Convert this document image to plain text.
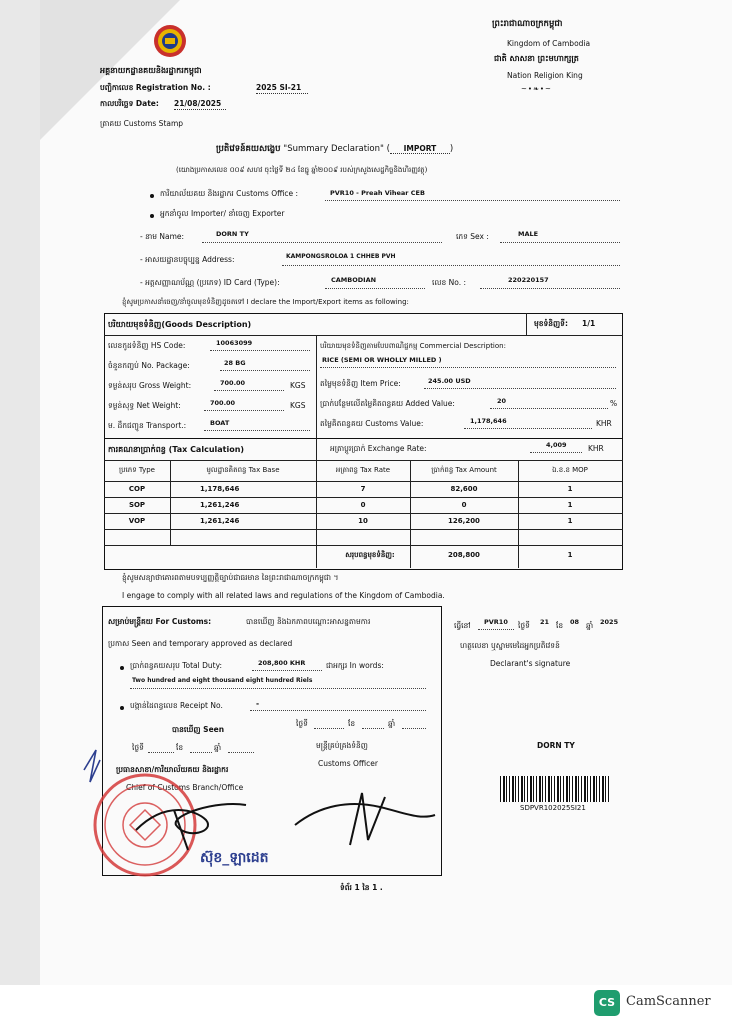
អគ្គនាយកដ្ឋានគយនិងរដ្ឋាករកម្ពុជា
បញ្ជិកាលេខ Registration No. :	2025 SI-21
កាលបរិច្ឆេទ Date: 21/08/2025
ត្រាគយ Customs Stamp
ព្រះរាជាណាចក្រកម្ពុជា
Kingdom of Cambodia
ជាតិ សាសនា ព្រះមហាក្សត្រ
Nation Religion King
~•❧•~
ប្រតិវេទន៍គយសង្ខេប "Summary Declaration" ( IMPORT )
(យោងប្រកាសលេខ ០០៩ សហវ ចុះថ្ងៃទី ២៤ ខែធ្នូ ឆ្នាំ២០០៩ របស់ក្រសួងសេដ្ឋកិច្ចនិងហិរញ្ញវត្ថុ)
ការិយាល័យគយ និងរដ្ឋាករ Customs Office :	PVR10 - Preah Vihear CEB
អ្នកនាំចូល Importer/ នាំចេញ Exporter
- នាម Name:	DORN TY	ភេទ Sex :	MALE
- អាសយដ្ឋានបច្ចុប្បន្ន Address:	KAMPONGSROLOA 1 CHHEB PVH
- អត្តសញ្ញាណប័ណ្ណ (ប្រភេទ) ID Card (Type):	CAMBODIAN	លេខ No. :	220220157
ខ្ញុំសូមប្រកាសនាំចេញ/នាំចូលមុខទំនិញដូចតទៅ I declare the Import/Export items as following:
បរិយាយមុខទំនិញ(Goods Description)	មុខទំនិញទី: 1/1
លេខកូដទំនិញ HS Code:	10063099	បរិយាយមុខទំនិញតាមបែបពាណិជ្ជកម្ម Commercial Description:
RICE (SEMI OR WHOLLY MILLED )
ចំនួនកញ្ចប់ No. Package:	28 BG
ទម្ងន់សរុប Gross Weight:	700.00	KGS តម្លៃមុខទំនិញ Item Price:	245.00 USD
ទម្ងន់សុទ្ធ Net Weight:	700.00	KGS ប្រាក់បន្ថែមលើតម្លៃគិតពន្ធគយ Added Value:	20	%
ម. ដឹកជញ្ជូន Transport.:	BOAT	តម្លៃគិតពន្ធគយ Customs Value:	1,178,646	KHR
ការគណនាប្រាក់ពន្ធ (Tax Calculation)	អត្រាប្តូរប្រាក់ Exchange Rate:	4,009	KHR
ប្រភេទ Type	មូលដ្ឋានគិតពន្ធ Tax Base	អត្រាពន្ធ Tax Rate	ប្រាក់ពន្ធ Tax Amount	ឯ.ខ.ខ MOP
COP	1,178,646	7	82,600	1
SOP	1,261,246	0	0	1
VOP	1,261,246	10	126,200	1
សរុបពន្ធមុខទំនិញ:	208,800	1
ខ្ញុំសូមសន្យាថាគោរពតាមបទប្បញ្ញត្តិច្បាប់ជាធរមាន នៃព្រះរាជាណាចក្រកម្ពុជា ។
I engage to comply with all related laws and regulations of the Kingdom of Cambodia.
សម្រាប់មន្ត្រីគយ For Customs:	បានឃើញ និងឯកភាពបណ្តោះអាសន្នតាមការ
ប្រកាស Seen and temporary approved as declared
ប្រាក់ពន្ធគយសរុប Total Duty:	208,800 KHR	ជាអក្សរ In words:
Two hundred and eight thousand eight hundred Riels
បង្កាន់ដៃពន្ធលេខ Receipt No.	-
ថ្ងៃទី	ខែ	ឆ្នាំ
បានឃើញ Seen
ថ្ងៃទី	ខែ	ឆ្នាំ	មន្ត្រីគ្រប់គ្រងទំនិញ
Customs Officer
ប្រធានសាខា/ការិយាល័យគយ និងរដ្ឋាករ
Chief of Customs Branch/Office
ស៊ុខ_ឡាដេត
ធ្វើនៅ PVR10 ថ្ងៃទី 21 ខែ 08 ឆ្នាំ 2025
ហត្ថលេខា ឬស្នាមមេដៃអ្នកប្រតិវេទន៍
Declarant's signature
DORN TY
SDPVR102025SI21
ទំព័រ 1 នៃ 1 .
CS CamScanner
